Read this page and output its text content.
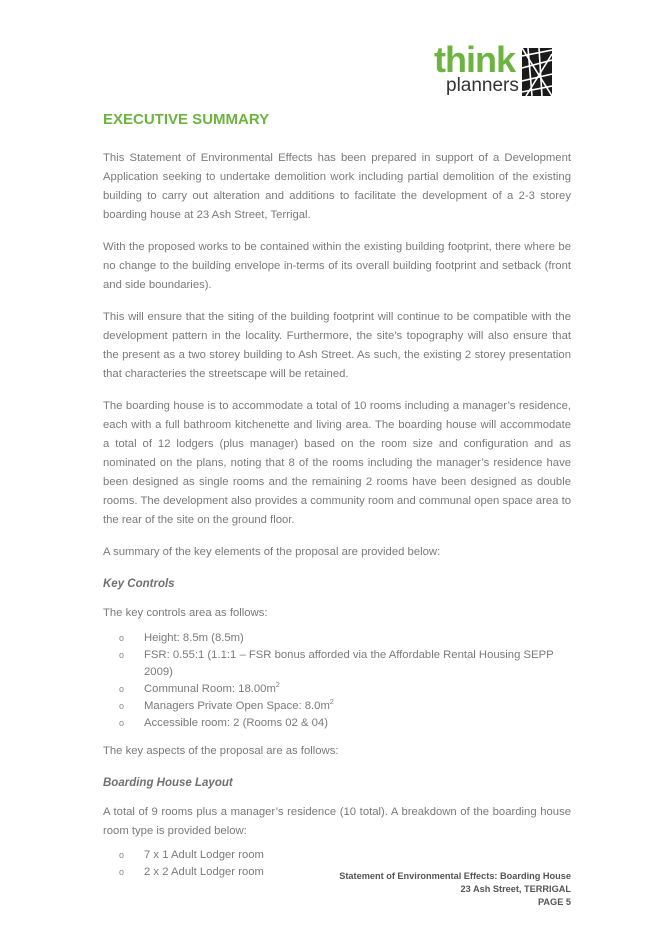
think
planners
EXECUTIVE SUMMARY

This Statement of Environmental Effects has been prepared in support of a Development Application seeking to undertake demolition work including partial demolition of the existing building to carry out alteration and additions to facilitate the development of a 2-3 storey boarding house at 23 Ash Street, Terrigal.

With the proposed works to be contained within the existing building footprint, there where be no change to the building envelope in-terms of its overall building footprint and setback (front and side boundaries).

This will ensure that the siting of the building footprint will continue to be compatible with the development pattern in the locality. Furthermore, the site’s topography will also ensure that the present as a two storey building to Ash Street. As such, the existing 2 storey presentation that characteries the streetscape will be retained.

The boarding house is to accommodate a total of 10 rooms including a manager’s residence, each with a full bathroom kitchenette and living area. The boarding house will accommodate a total of 12 lodgers (plus manager) based on the room size and configuration and as nominated on the plans, noting that 8 of the rooms including the manager’s residence have been designed as single rooms and the remaining 2 rooms have been designed as double rooms. The development also provides a community room and communal open space area to the rear of the site on the ground floor.

A summary of the key elements of the proposal are provided below:

Key Controls

The key controls area as follows:

o Height: 8.5m (8.5m)
o FSR: 0.55:1 (1.1:1 – FSR bonus afforded via the Affordable Rental Housing SEPP 2009)
o Communal Room: $18.00m^2$
o Managers Private Open Space: $8.0m^2$
o Accessible room: 2 (Rooms 02 & 04)

The key aspects of the proposal are as follows:

Boarding House Layout

A total of 9 rooms plus a manager’s residence (10 total). A breakdown of the boarding house room type is provided below:

o 7 x 1 Adult Lodger room
o 2 x 2 Adult Lodger room	Statement of Environmental Effects: Boarding House
23 Ash Street, TERRIGAL
PAGE 5
